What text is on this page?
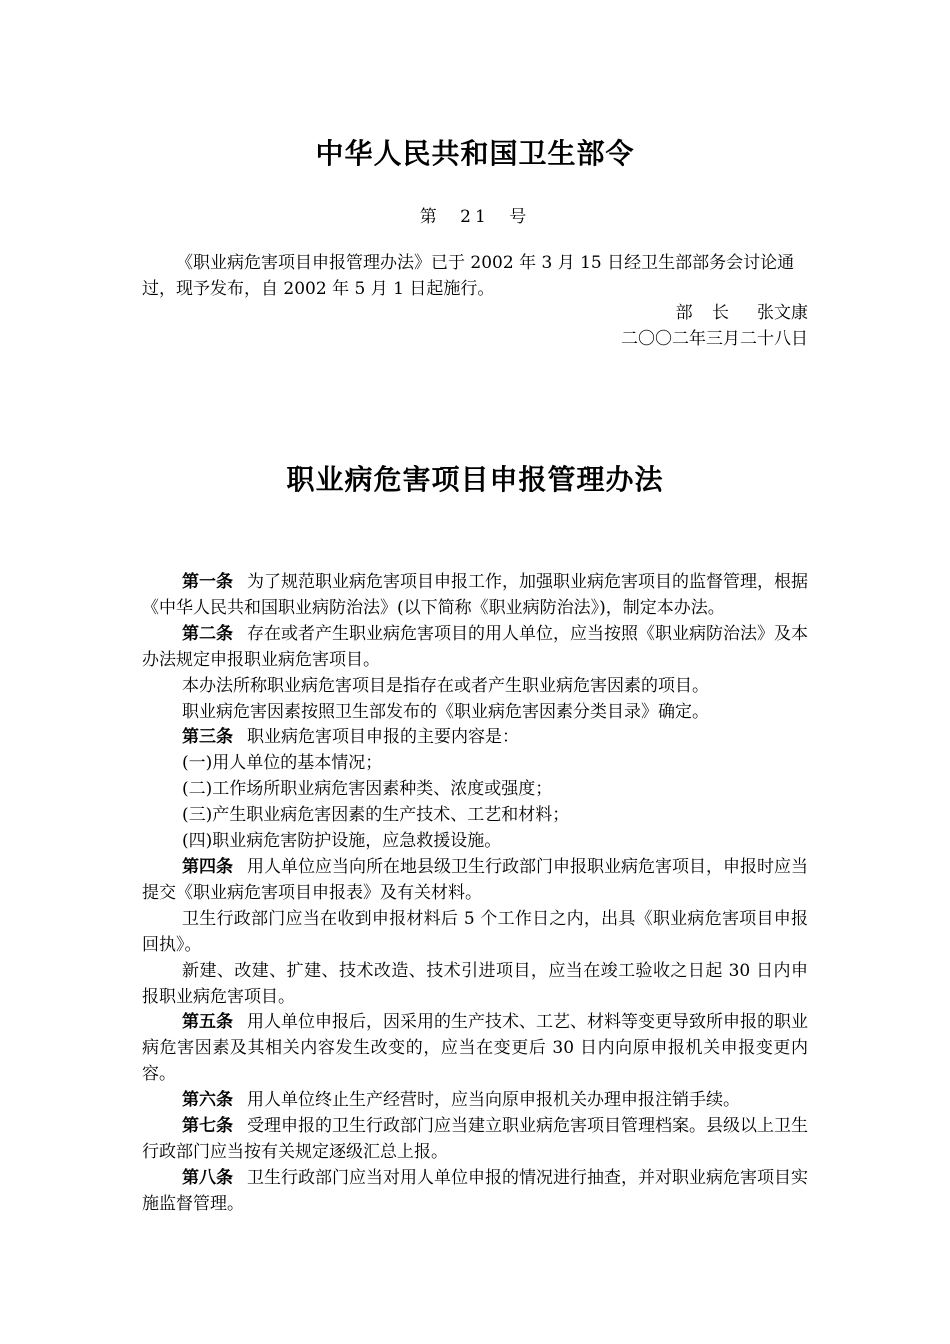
中华人民共和国卫生部令
第 21 号

《职业病危害项目申报管理办法》已于 2002 年 3 月 15 日经卫生部部务会讨论通过，现予发布，自 2002 年 5 月 1 日起施行。

部 长 张文康
二〇〇二年三月二十八日
职业病危害项目申报管理办法

第一条 为了规范职业病危害项目申报工作，加强职业病危害项目的监督管理，根据《中华人民共和国职业病防治法》(以下简称《职业病防治法》)，制定本办法。

第二条 存在或者产生职业病危害项目的用人单位，应当按照《职业病防治法》及本办法规定申报职业病危害项目。

本办法所称职业病危害项目是指存在或者产生职业病危害因素的项目。

职业病危害因素按照卫生部发布的《职业病危害因素分类目录》确定。

第三条 职业病危害项目申报的主要内容是：

(一)用人单位的基本情况；

(二)工作场所职业病危害因素种类、浓度或强度；

(三)产生职业病危害因素的生产技术、工艺和材料；

(四)职业病危害防护设施，应急救援设施。

第四条 用人单位应当向所在地县级卫生行政部门申报职业病危害项目，申报时应当提交《职业病危害项目申报表》及有关材料。

卫生行政部门应当在收到申报材料后 5 个工作日之内，出具《职业病危害项目申报回执》。

新建、改建、扩建、技术改造、技术引进项目，应当在竣工验收之日起 30 日内申报职业病危害项目。

第五条 用人单位申报后，因采用的生产技术、工艺、材料等变更导致所申报的职业病危害因素及其相关内容发生改变的，应当在变更后 30 日内向原申报机关申报变更内容。

第六条 用人单位终止生产经营时，应当向原申报机关办理申报注销手续。

第七条 受理申报的卫生行政部门应当建立职业病危害项目管理档案。县级以上卫生行政部门应当按有关规定逐级汇总上报。

第八条 卫生行政部门应当对用人单位申报的情况进行抽查，并对职业病危害项目实施监督管理。
